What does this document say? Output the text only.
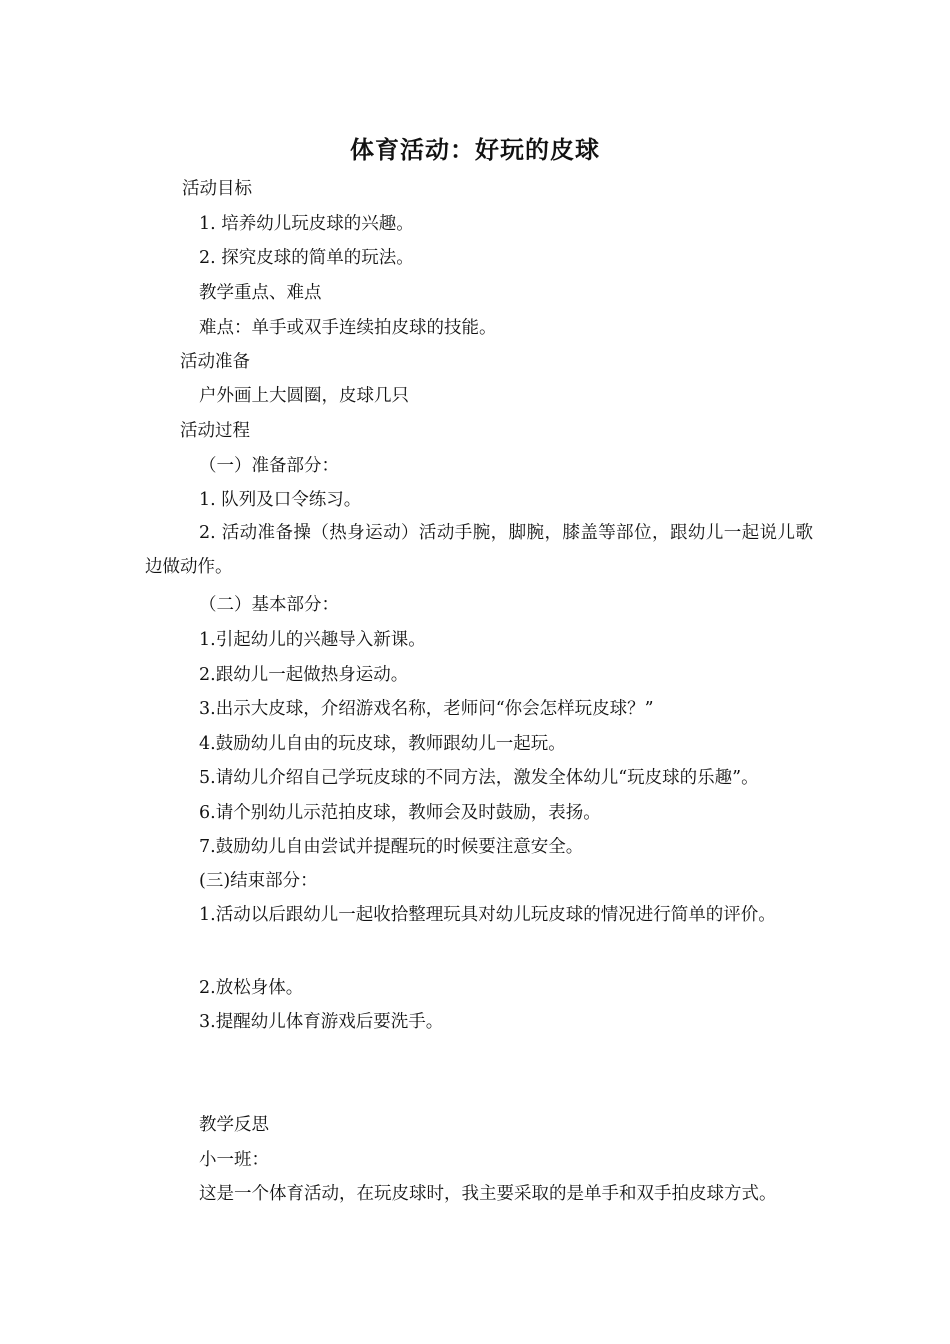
体育活动：好玩的皮球

活动目标

1. 培养幼儿玩皮球的兴趣。

2. 探究皮球的简单的玩法。

教学重点、难点

难点：单手或双手连续拍皮球的技能。

活动准备

户外画上大圆圈，皮球几只

活动过程

（一）准备部分：

1. 队列及口令练习。

2. 活动准备操（热身运动）活动手腕，脚腕，膝盖等部位，跟幼儿一起说儿歌边做动作。

（二）基本部分：

1.引起幼儿的兴趣导入新课。

2.跟幼儿一起做热身运动。

3.出示大皮球，介绍游戏名称，老师问“你会怎样玩皮球？”

4.鼓励幼儿自由的玩皮球，教师跟幼儿一起玩。

5.请幼儿介绍自己学玩皮球的不同方法，激发全体幼儿“玩皮球的乐趣”。

6.请个别幼儿示范拍皮球，教师会及时鼓励，表扬。

7.鼓励幼儿自由尝试并提醒玩的时候要注意安全。

(三)结束部分：

1.活动以后跟幼儿一起收拾整理玩具对幼儿玩皮球的情况进行简单的评价。

2.放松身体。

3.提醒幼儿体育游戏后要洗手。

教学反思

小一班：

这是一个体育活动，在玩皮球时，我主要采取的是单手和双手拍皮球方式。
